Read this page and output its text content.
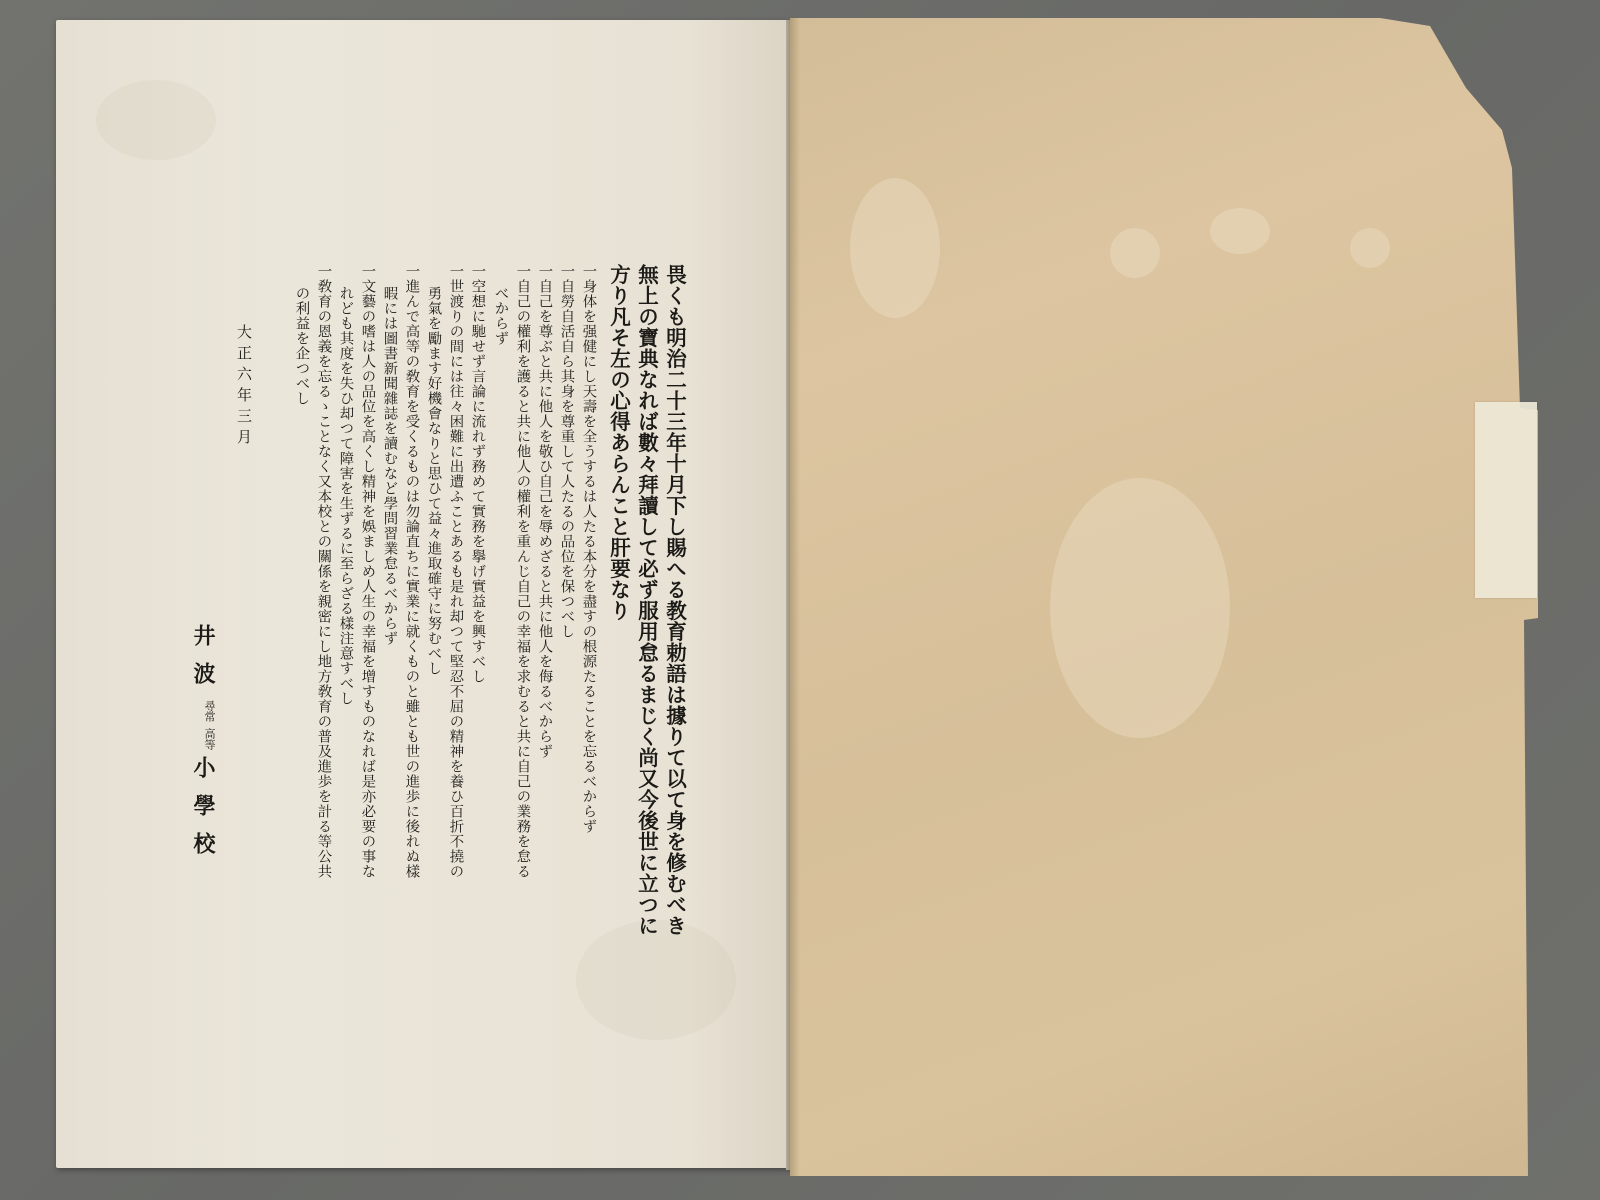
畏くも明治二十三年十月下し賜へる教育勅語は據りて以て身を修むべき
無上の寶典なれば數々拜讀して必ず服用怠るまじく尚又今後世に立つに
方り凡そ左の心得あらんこと肝要なり
一身体を强健にし天壽を全うするは人たる本分を盡すの根源たることを忘るべからず
一自勞自活自ら其身を尊重して人たるの品位を保つべし
一自己を尊ぶと共に他人を敬ひ自己を辱めざると共に他人を侮るべからず
一自己の權利を護ると共に他人の權利を重んじ自己の幸福を求むると共に自己の業務を怠る
べからず
一空想に馳せず言論に流れず務めて實務を擧げ實益を興すべし
一世渡りの間には往々困難に出遭ふことあるも是れ却つて堅忍不屈の精神を養ひ百折不撓の
勇氣を勵ます好機會なりと思ひて益々進取確守に努むべし
一進んで高等の敎育を受くるものは勿論直ちに實業に就くものと雖とも世の進歩に後れぬ樣
暇には圖書新聞雜誌を讀むなど學問習業怠るべからず
一文藝の嗜は人の品位を高くし精神を娛ましめ人生の幸福を增すものなれば是亦必要の事な
れども其度を失ひ却つて障害を生ずるに至らざる樣注意すべし
一敎育の恩義を忘るゝことなく又本校との關係を親密にし地方敎育の普及進歩を計る等公共
の利益を企つべし
大正六年三月
井波尋常高等小學校
